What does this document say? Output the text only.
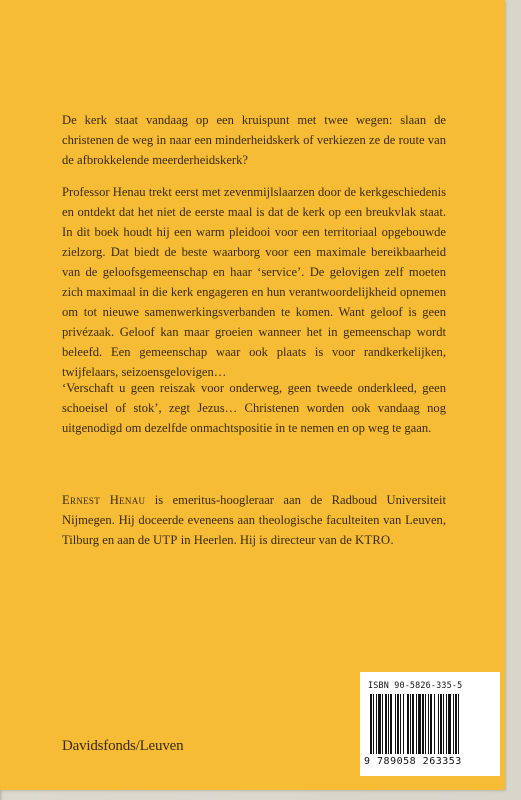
De kerk staat vandaag op een kruispunt met twee wegen: slaan de christenen de weg in naar een minderheidskerk of verkiezen ze de route van de afbrokkelende meerderheidskerk?

Professor Henau trekt eerst met zevenmijlslaarzen door de kerkgeschiedenis en ontdekt dat het niet de eerste maal is dat de kerk op een breukvlak staat. In dit boek houdt hij een warm pleidooi voor een territoriaal opgebouwde zielzorg. Dat biedt de beste waarborg voor een maximale bereikbaarheid van de geloofsgemeenschap en haar ‘service’. De gelovigen zelf moeten zich maximaal in die kerk engageren en hun verantwoordelijkheid opnemen om tot nieuwe samenwerkingsverbanden te komen. Want geloof is geen privézaak. Geloof kan maar groeien wanneer het in gemeenschap wordt beleefd. Een gemeenschap waar ook plaats is voor randkerkelijken, twijfelaars, seizoensgelovigen…

‘Verschaft u geen reiszak voor onderweg, geen tweede onderkleed, geen schoeisel of stok’, zegt Jezus… Christenen worden ook vandaag nog uitgenodigd om dezelfde onmachtspositie in te nemen en op weg te gaan.

Ernest Henau is emeritus-hoogleraar aan de Radboud Universiteit Nijmegen. Hij doceerde eveneens aan theologische faculteiten van Leuven, Tilburg en aan de UTP in Heerlen. Hij is directeur van de KTRO.

Davidsfonds/Leuven
ISBN 90-5826-335-5
9 789058 263353
